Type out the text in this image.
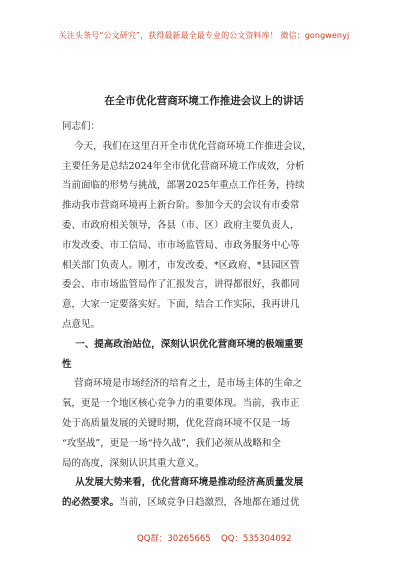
关注头条号“公文研究”，获得最新最全最专业的公文资料库！ 微信：gongwenyj
在全市优化营商环境工作推进会议上的讲话
同志们：
今天，我们在这里召开全市优化营商环境工作推进会议，
主要任务是总结2024年全市优化营商环境工作成效，分析
当前面临的形势与挑战，部署2025年重点工作任务，持续
推动我市营商环境再上新台阶。参加今天的会议有市委常
委、市政府相关领导，各县（市、区）政府主要负责人，
市发改委、市工信局、市市场监管局、市政务服务中心等
相关部门负责人。刚才，市发改委、*区政府、*县园区管
委会、市市场监管局作了汇报发言，讲得都很好，我都同
意，大家一定要落实好。下面，结合工作实际，我再讲几
点意见。
一、提高政治站位，深刻认识优化营商环境的极端重要
性
营商环境是市场经济的培育之土，是市场主体的生命之
氧，更是一个地区核心竞争力的重要体现。当前，我市正
处于高质量发展的关键时期，优化营商环境不仅是一场
“攻坚战”，更是一场“持久战”，我们必须从战略和全
局的高度，深刻认识其重大意义。
从发展大势来看，优化营商环境是推动经济高质量发展
的必然要求。当前，区域竞争日趋激烈，各地都在通过优
QQ群：30265665 QQ：535304092
